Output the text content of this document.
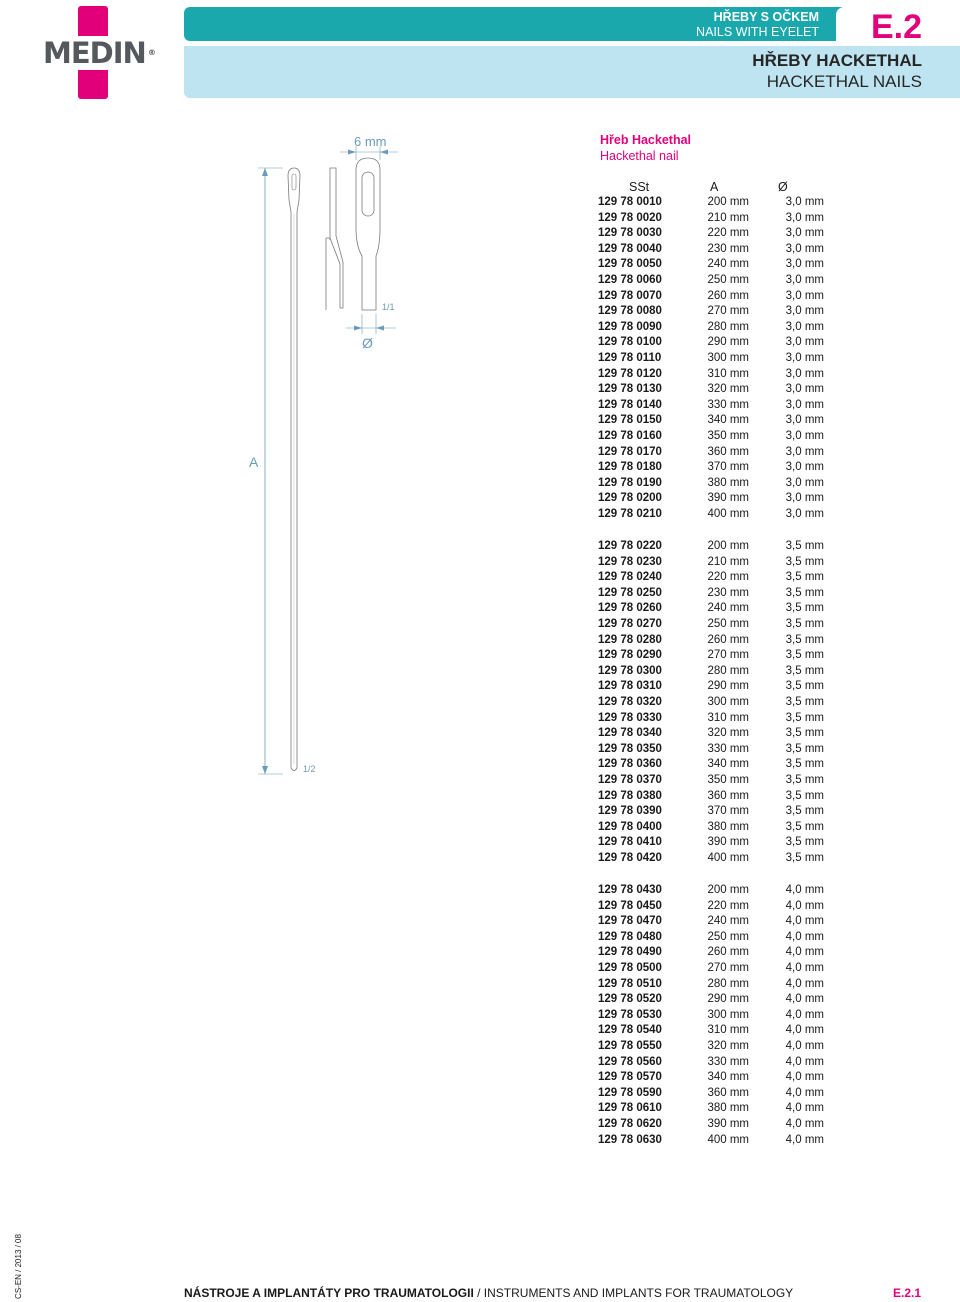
MEDIN ®
HŘEBY S OČKEM
NAILS WITH EYELET E.2
HŘEBY HACKETHAL
HACKETHAL NAILS
6 mm
A
Ø
1/1
1/2
Hřeb Hackethal
Hackethal nail
SSt	A	Ø
129 78 0010	200 mm	3,0 mm
129 78 0020	210 mm	3,0 mm
129 78 0030	220 mm	3,0 mm
129 78 0040	230 mm	3,0 mm
129 78 0050	240 mm	3,0 mm
129 78 0060	250 mm	3,0 mm
129 78 0070	260 mm	3,0 mm
129 78 0080	270 mm	3,0 mm
129 78 0090	280 mm	3,0 mm
129 78 0100	290 mm	3,0 mm
129 78 0110	300 mm	3,0 mm
129 78 0120	310 mm	3,0 mm
129 78 0130	320 mm	3,0 mm
129 78 0140	330 mm	3,0 mm
129 78 0150	340 mm	3,0 mm
129 78 0160	350 mm	3,0 mm
129 78 0170	360 mm	3,0 mm
129 78 0180	370 mm	3,0 mm
129 78 0190	380 mm	3,0 mm
129 78 0200	390 mm	3,0 mm
129 78 0210	400 mm	3,0 mm
129 78 0220	200 mm	3,5 mm
129 78 0230	210 mm	3,5 mm
129 78 0240	220 mm	3,5 mm
129 78 0250	230 mm	3,5 mm
129 78 0260	240 mm	3,5 mm
129 78 0270	250 mm	3,5 mm
129 78 0280	260 mm	3,5 mm
129 78 0290	270 mm	3,5 mm
129 78 0300	280 mm	3,5 mm
129 78 0310	290 mm	3,5 mm
129 78 0320	300 mm	3,5 mm
129 78 0330	310 mm	3,5 mm
129 78 0340	320 mm	3,5 mm
129 78 0350	330 mm	3,5 mm
129 78 0360	340 mm	3,5 mm
129 78 0370	350 mm	3,5 mm
129 78 0380	360 mm	3,5 mm
129 78 0390	370 mm	3,5 mm
129 78 0400	380 mm	3,5 mm
129 78 0410	390 mm	3,5 mm
129 78 0420	400 mm	3,5 mm
129 78 0430	200 mm	4,0 mm
129 78 0450	220 mm	4,0 mm
129 78 0470	240 mm	4,0 mm
129 78 0480	250 mm	4,0 mm
129 78 0490	260 mm	4,0 mm
129 78 0500	270 mm	4,0 mm
129 78 0510	280 mm	4,0 mm
129 78 0520	290 mm	4,0 mm
129 78 0530	300 mm	4,0 mm
129 78 0540	310 mm	4,0 mm
129 78 0550	320 mm	4,0 mm
129 78 0560	330 mm	4,0 mm
129 78 0570	340 mm	4,0 mm
129 78 0590	360 mm	4,0 mm
129 78 0610	380 mm	4,0 mm
129 78 0620	390 mm	4,0 mm
129 78 0630	400 mm	4,0 mm
NÁSTROJE A IMPLANTÁTY PRO TRAUMATOLOGII / INSTRUMENTS AND IMPLANTS FOR TRAUMATOLOGY	E.2.1
CS-EN / 2013 / 08
